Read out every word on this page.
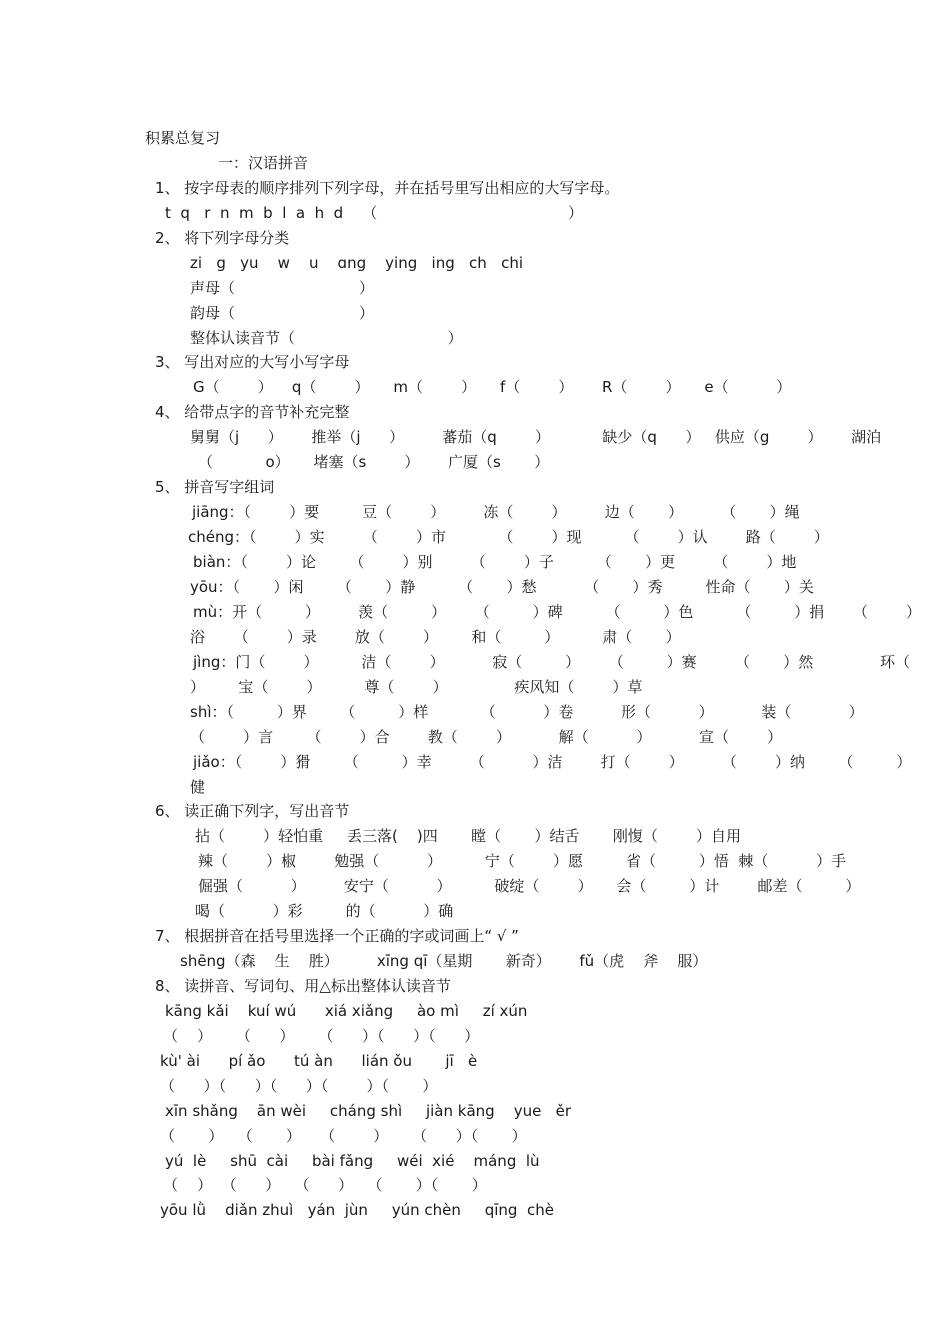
积累总复习
一：汉语拼音
1、 按字母表的顺序排列下列字母，并在括号里写出相应的大写字母。
t  q   r  n  m  b  l  a  h  d    （                                        ）
2、 将下列字母分类
zi   g   yu    w    u    ɑng    ying   ing   ch   chi
声母（                          ）
韵母（                          ）
整体认读音节（                                ）
3、 写出对应的大写小写字母
G（        ）    q（        ）     m（        ）     f（        ）      R（        ）     e（          ）
4、 给带点字的音节补充完整
舅舅（j      ）      推举（j      ）        蕃茄（q        ）           缺少（q      ）   供应（g        ）      湖泊
（           o）     堵塞（s        ）      广厦（s       ）
5、 拼音写字组词
jiāng：（        ）要         豆（        ）        冻（        ）        边（       ）        （       ）绳
chéng：（        ）实        （        ）市           （        ）现         （        ）认        路（        ）
biàn：（        ）论       （        ）别        （        ）子         （       ）更        （        ）地
yōu：（       ）闲       （       ）静         （       ）愁          （       ）秀         性命（       ）关
mù：开（         ）        羡（         ）      （         ）碑         （         ）色         （         ）捐      （        ）
浴      （        ）录        放（        ）       和（         ）         肃（       ）
jìng：门（        ）         洁（        ）          寂（         ）      （         ）赛        （       ）然              环（
）       宝（        ）         尊（        ）              疾风知（        ）草
shì：（         ）界       （         ）样           （          ）卷          形（          ）          装（            ）
（        ）言       （        ）合        教（        ）          解（          ）          宣（        ）
jiǎo：（        ）猾       （         ）幸        （          ）洁        打（        ）        （        ）纳       （         ）
健
6、 读正确下列字，写出音节
拈（        ）轻怕重     丢三落(    )四       瞠（       ）结舌       刚愎（        ）自用
辣（        ）椒        勉强（          ）         宁（        ）愿         省（         ）悟  棘（          ）手
倔强（          ）        安宁（          ）         破绽（        ）     会（         ）计        邮差（         ）
喝（          ）彩         的（          ）确
7、 根据拼音在括号里选择一个正确的字或词画上“ √ ”
shēng（森    生    胜）        xīng qī（星期       新奇）      fǔ（虎    斧    服）
8、 读拼音、写词句、用△标出整体认读音节
kāng kǎi    kuí wú      xiá xiǎng     ào mì     zí xún
（    ）     （      ）     （      ）（      ）（      ）
kù' ài      pí ǎo      tú àn      lián ǒu       jī   è
（      ）（      ）（      ）（        ）（       ）
xīn shǎng    ān wèi     cháng shì     jiàn kāng    yue   ěr
（       ）   （       ）    （        ）     （      ）（       ）
yú  lè     shū  cài     bài fǎng     wéi  xié    máng  lù
（    ）  （      ）   （      ）   （       ）（       ）
yōu lǜ    diǎn zhuì   yán  jùn     yún chèn     qīng  chè
